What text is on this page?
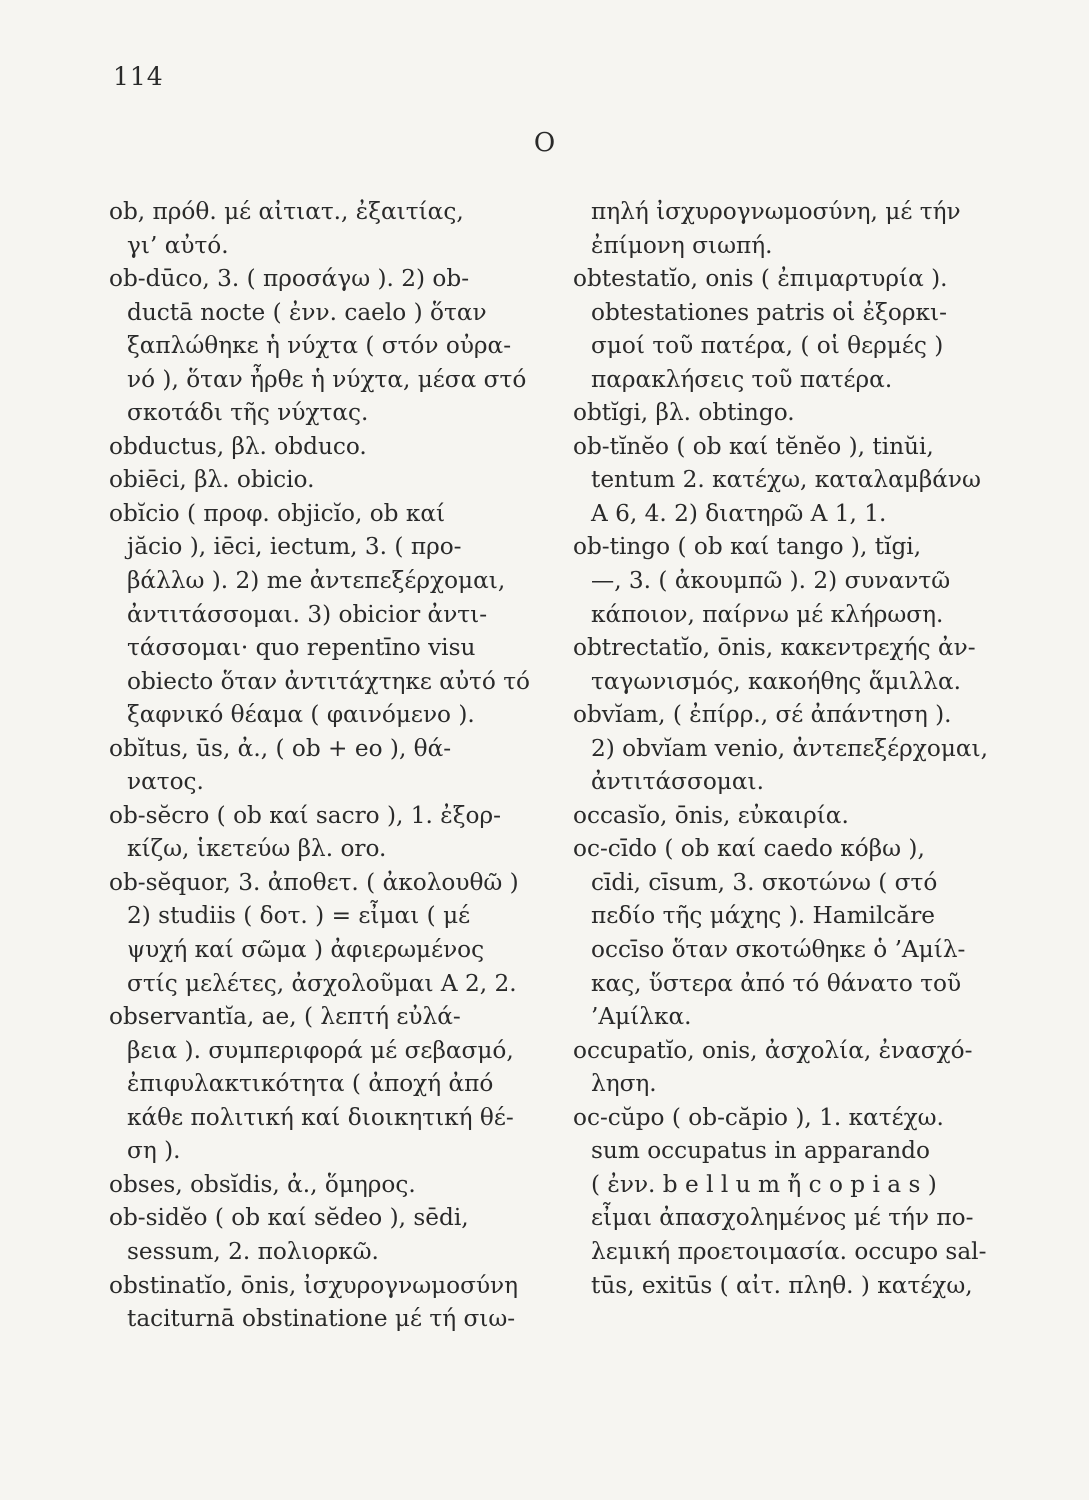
114
O
ob, πρόθ. μέ αἰτιατ., ἐξαιτίας,
γι’ αὐτό.
ob-dūco, 3. ( προσάγω ). 2) ob-
ductā nocte ( ἐνν. caelo ) ὅταν
ξαπλώθηκε ἡ νύχτα ( στόν οὐρα-
νό ), ὅταν ἦρθε ἡ νύχτα, μέσα στό
σκοτάδι τῆς νύχτας.
obductus, βλ. obduco.
obiēci, βλ. obicio.
obĭcio ( προφ. objicĭo, ob καί
jăcio ), iēci, iectum, 3. ( προ-
βάλλω ). 2) me ἀντεπεξέρχομαι,
ἀντιτάσσομαι. 3) obicior ἀντι-
τάσσομαι· quo repentīno visu
obiecto ὅταν ἀντιτάχτηκε αὐτό τό
ξαφνικό θέαμα ( φαινόμενο ).
obĭtus, ūs, ἀ., ( ob + eo ), θά-
νατος.
ob-sĕcro ( ob καί sacro ), 1. ἐξορ-
κίζω, ἱκετεύω βλ. oro.
ob-sĕquor, 3. ἀποθετ. ( ἀκολουθῶ )
2) studiis ( δοτ. ) = εἶμαι ( μέ
ψυχή καί σῶμα ) ἀφιερωμένος
στίς μελέτες, ἀσχολοῦμαι A 2, 2.
observantĭa, ae, ( λεπτή εὐλά-
βεια ). συμπεριφορά μέ σεβασμό,
ἐπιφυλακτικότητα ( ἀποχή ἀπό
κάθε πολιτική καί διοικητική θέ-
ση ).
obses, obsĭdis, ἀ., ὅμηρος.
ob-sidĕo ( ob καί sĕdeo ), sēdi,
sessum, 2. πολιορκῶ.
obstinatĭo, ōnis, ἰσχυρογνωμοσύνη
taciturnā obstinatione μέ τή σιω-
πηλή ἰσχυρογνωμοσύνη, μέ τήν
ἐπίμονη σιωπή.
obtestatĭo, onis ( ἐπιμαρτυρία ).
obtestationes patris οἱ ἐξορκι-
σμοί τοῦ πατέρα, ( οἱ θερμές )
παρακλήσεις τοῦ πατέρα.
obtĭgi, βλ. obtingo.
ob-tĭnĕo ( ob καί tĕnĕo ), tinŭi,
tentum 2. κατέχω, καταλαμβάνω
A 6, 4. 2) διατηρῶ A 1, 1.
ob-tingo ( ob καί tango ), tĭgi,
—, 3. ( ἀκουμπῶ ). 2) συναντῶ
κάποιον, παίρνω μέ κλήρωση.
obtrectatĭo, ōnis, κακεντρεχής ἀν-
ταγωνισμός, κακοήθης ἅμιλλα.
obvĭam, ( ἐπίρρ., σέ ἀπάντηση ).
2) obvĭam venio, ἀντεπεξέρχομαι,
ἀντιτάσσομαι.
occasĭo, ōnis, εὐκαιρία.
oc-cīdo ( ob καί caedo κόβω ),
cīdi, cīsum, 3. σκοτώνω ( στό
πεδίο τῆς μάχης ). Hamilcăre
occīso ὅταν σκοτώθηκε ὁ ’Αμίλ-
κας, ὕστερα ἀπό τό θάνατο τοῦ
’Αμίλκα.
occupatĭo, onis, ἀσχολία, ἐνασχό-
ληση.
oc-cŭpo ( ob-căpio ), 1. κατέχω.
sum occupatus in apparando
( ἐνν. b e l l u m ἤ c o p i a s )
εἶμαι ἀπασχολημένος μέ τήν πο-
λεμική προετοιμασία. occupo sal-
tūs, exitūs ( αἰτ. πληθ. ) κατέχω,
